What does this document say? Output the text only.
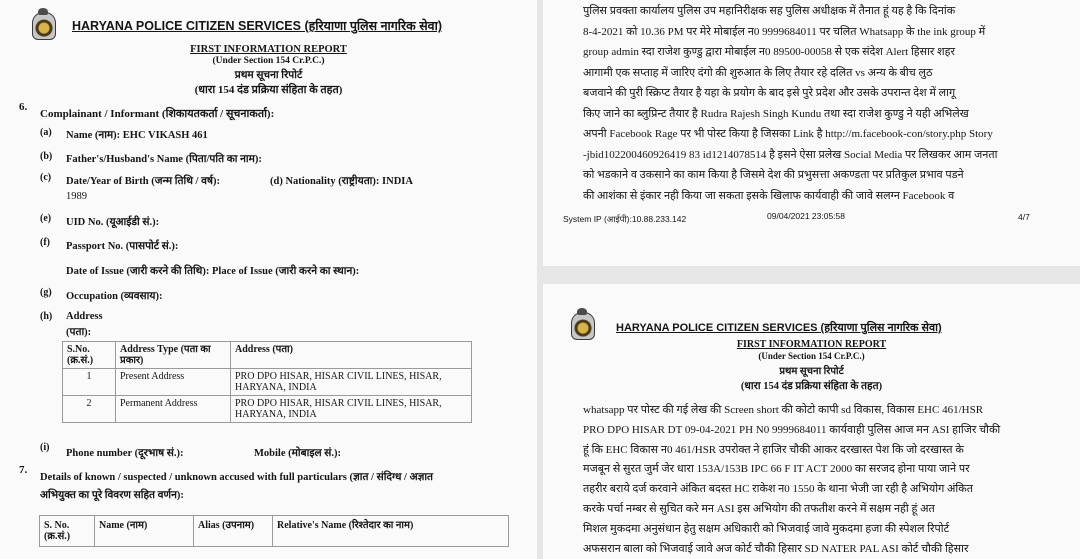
HARYANA POLICE CITIZEN SERVICES (हरियाणा पुलिस नागरिक सेवा)
FIRST INFORMATION REPORT
(Under Section 154 Cr.P.C.)
प्रथम सूचना रिपोर्ट
(धारा 154 दंड प्रक्रिया संहिता के तहत)
6.
Complainant / Informant (शिकायतकर्ता / सूचनाकर्ता):
(a) Name (नाम): EHC VIKASH 461
(b) Father's/Husband's Name (पिता/पति का नाम):
(c) Date/Year of Birth (जन्म तिथि / वर्ष):	(d) Nationality (राष्ट्रीयता): INDIA
1989
(e) UID No. (यूआईडी सं.):
(f) Passport No. (पासपोर्ट सं.):
Date of Issue (जारी करने की तिथि): Place of Issue (जारी करने का स्थान):
(g) Occupation (व्यवसाय):
(h) Address
(पता):
S.No. (क्र.सं.)	Address Type (पता का प्रकार)	Address (पता)
1	Present Address	PRO DPO HISAR, HISAR CIVIL LINES, HISAR, HARYANA, INDIA
2	Permanent Address	PRO DPO HISAR, HISAR CIVIL LINES, HISAR, HARYANA, INDIA
(i)
Phone number (दूरभाष सं.):	Mobile (मोबाइल सं.):
7.
Details of known / suspected / unknown accused with full particulars (ज्ञात / संदिग्ध / अज्ञात
अभियुक्त का पूरे विवरण सहित वर्णन):
S. No. (क्र.सं.)	Name (नाम)	Alias (उपनाम)	Relative's Name (रिश्तेदार का नाम)
पुलिस प्रवक्ता कार्यालय पुलिस उप महानिरीक्षक सह पुलिस अधीक्षक में तैनात हूं यह है कि दिनांक
8-4-2021 को 10.36 PM पर मेरे मोबाईल न0 9999684011 पर चलित Whatsapp के the ink group में
group admin स्दा राजेश कुण्डु द्वारा मोबाईल न0 89500-00058 से एक संदेश Alert हिसार शहर
आगामी एक सप्ताह में जारिए दंगो की शुरुआत के लिए तैयार रहे दलित vs अन्य के बीच लुठ
बजवाने की पुरी स्क्रिप्ट तैयार है यहा के प्रयोग के बाद इसे पुरे प्रदेश और उसके उपरान्त देश में लागू
किए जाने का ब्लुप्रिन्ट तैयार है Rudra Rajesh Singh Kundu तथा स्दा राजेश कुण्डु ने यही अभिलेख
अपनी Facebook Rage पर भी पोस्ट किया है जिसका Link है http://m.facebook-con/story.php Story
-jbid102200460926419 83 id1214078514 है इसने ऐसा प्रलेख Social Media पर लिखकर आम जनता
को भडकाने व उकसाने का काम किया है जिसमे देश की प्रभुसत्ता अकण्डता पर प्रतिकुल प्रभाव पडने
की आशंका से इंकार नही किया जा सकता इसके खिलाफ कार्यवाही की जावे सलग्न Facebook व
System IP (आईपी):10.88.233.142	09/04/2021 23:05:58	4/7
HARYANA POLICE CITIZEN SERVICES (हरियाणा पुलिस नागरिक सेवा)
FIRST INFORMATION REPORT
(Under Section 154 Cr.P.C.)
प्रथम सूचना रिपोर्ट
(धारा 154 दंड प्रक्रिया संहिता के तहत)
whatsapp पर पोस्ट की गई लेख की Screen short की कोटो कापी sd विकास, विकास EHC 461/HSR
PRO DPO HISAR DT 09-04-2021 PH N0 9999684011 कार्यवाही पुलिस आज मन ASI हाजिर चौकी
हूं कि EHC विकास न0 461/HSR उपरोक्त ने हाजिर चौकी आकर दरखास्त पेश कि जो दरखास्त के
मजबून से सुरत जुर्म जेर धारा 153A/153B IPC 66 F IT ACT 2000 का सरजद होना पाया जाने पर
तहरीर बराये दर्ज करवाने अंकित बदस्त HC राकेश न0 1550 के थाना भेजी जा रही है अभियोग अंकित
करके पर्चा नम्बर से सुचित करे मन ASI इस अभियोग की तफतीश करने में सक्षम नही हूं अत
मिशल मुकदमा अनुसंधान हेतु सक्षम अधिकारी को भिजवाई जावे मुकदमा हजा की स्पेशल रिपोर्ट
अफसरान बाला को भिजवाई जावे अज कोर्ट चौकी हिसार SD NATER PAL ASI कोर्ट चौकी हिसार
